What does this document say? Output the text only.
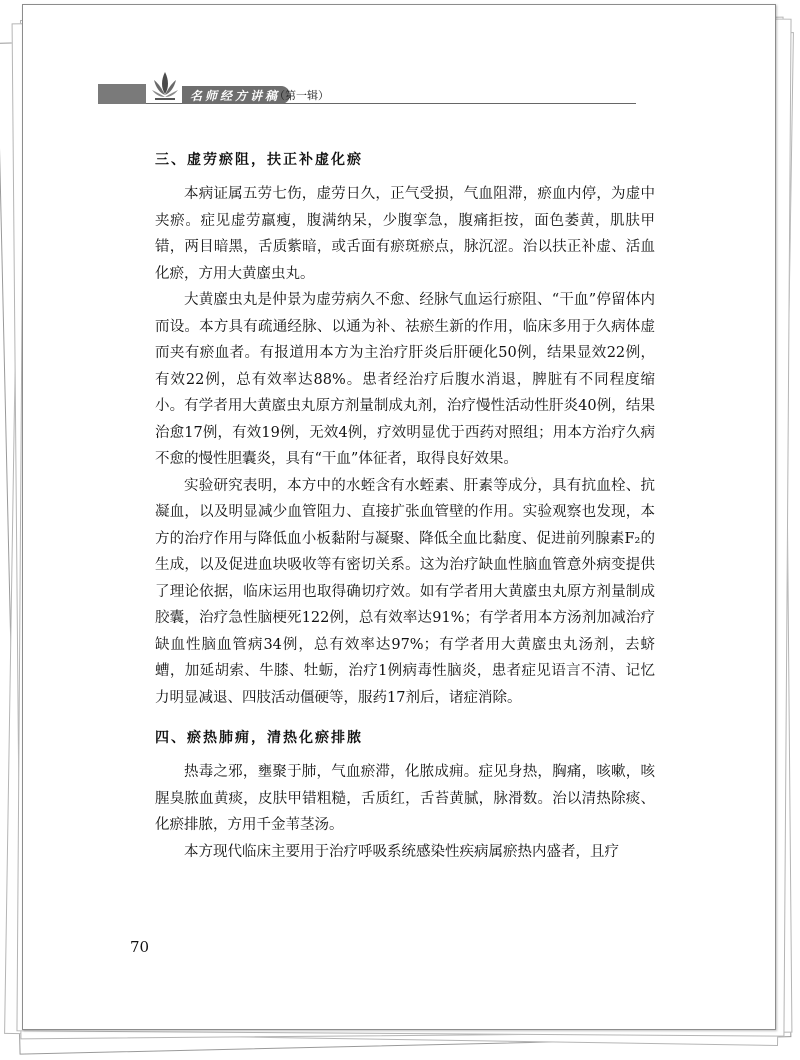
名师经方讲稿
（第一辑）
三、虚劳瘀阻，扶正补虚化瘀

本病证属五劳七伤，虚劳日久，正气受损，气血阻滞，瘀血内停，为虚中夹瘀。症见虚劳羸瘦，腹满纳呆，少腹挛急，腹痛拒按，面色萎黄，肌肤甲错，两目暗黑，舌质紫暗，或舌面有瘀斑瘀点，脉沉涩。治以扶正补虚、活血化瘀，方用大黄䗪虫丸。

大黄䗪虫丸是仲景为虚劳病久不愈、经脉气血运行瘀阻、“干血”停留体内而设。本方具有疏通经脉、以通为补、祛瘀生新的作用，临床多用于久病体虚而夹有瘀血者。有报道用本方为主治疗肝炎后肝硬化50例，结果显效22例，有效22例，总有效率达88%。患者经治疗后腹水消退，脾脏有不同程度缩小。有学者用大黄䗪虫丸原方剂量制成丸剂，治疗慢性活动性肝炎40例，结果治愈17例，有效19例，无效4例，疗效明显优于西药对照组；用本方治疗久病不愈的慢性胆囊炎，具有“干血”体征者，取得良好效果。

实验研究表明，本方中的水蛭含有水蛭素、肝素等成分，具有抗血栓、抗凝血，以及明显减少血管阻力、直接扩张血管壁的作用。实验观察也发现，本方的治疗作用与降低血小板黏附与凝聚、降低全血比黏度、促进前列腺素F₂的生成，以及促进血块吸收等有密切关系。这为治疗缺血性脑血管意外病变提供了理论依据，临床运用也取得确切疗效。如有学者用大黄䗪虫丸原方剂量制成胶囊，治疗急性脑梗死122例，总有效率达91%；有学者用本方汤剂加减治疗缺血性脑血管病34例，总有效率达97%；有学者用大黄䗪虫丸汤剂，去蛴螬，加延胡索、牛膝、牡蛎，治疗1例病毒性脑炎，患者症见语言不清、记忆力明显减退、四肢活动僵硬等，服药17剂后，诸症消除。

四、瘀热肺痈，清热化瘀排脓

热毒之邪，壅聚于肺，气血瘀滞，化脓成痈。症见身热，胸痛，咳嗽，咳腥臭脓血黄痰，皮肤甲错粗糙，舌质红，舌苔黄腻，脉滑数。治以清热除痰、化瘀排脓，方用千金苇茎汤。

本方现代临床主要用于治疗呼吸系统感染性疾病属瘀热内盛者，且疗

70
